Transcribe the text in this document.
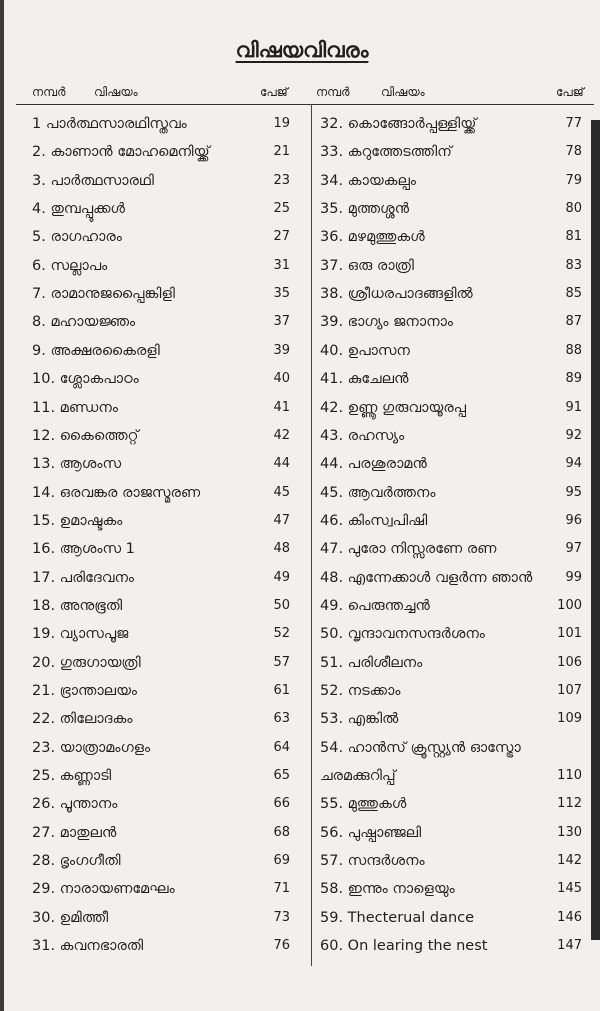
വിഷയവിവരം
നമ്പർ വിഷയം	പേജ് നമ്പർ	വിഷയം	പേജ്
1 പാർത്ഥസാരഥിസ്തവം	19
2. കാണാൻ മോഹമെനിയ്ക്ക്	21
3. പാർത്ഥസാരഥി	23
4. തുമ്പപ്പൂക്കൾ	25
5. രാഗഹാരം	27
6. സല്ലാപം	31
7. രാമാനുജപ്പൈങ്കിളി	35
8. മഹായജ്ഞം	37
9. അക്ഷരകൈരളി	39
10. ശ്ലോകപാഠം	40
11. മണ്ഡനം	41
12. കൈത്തെറ്റ്	42
13. ആശംസ	44
14. ഒരവങ്കര രാജസ്മരണ	45
15. ഉമാഷ്ടകം	47
16. ആശംസ 1	48
17. പരിദേവനം	49
18. അനുഭൂതി	50
19. വ്യാസപൂജ	52
20. ഗുരുഗായത്രി	57
21. ഭ്രാന്താലയം	61
22. തിലോദകം	63
23. യാത്രാമംഗളം	64
25. കണ്ണാടി	65
26. പൂന്താനം	66
27. മാതുലൻ	68
28. ഭൃംഗഗീതി	69
29. നാരായണമേഘം	71
30. ഉമിത്തീ	73
31. കവനഭാരതി	76
32. കൊങ്ങോർപ്പള്ളിയ്ക്ക്	77
33. കറുത്തേടത്തിന്	78
34. കായകല്പം	79
35. മുത്തശ്ശൻ	80
36. മഴമുത്തുകൾ	81
37. ഒരു രാത്രി	83
38. ശ്രീധരപാദങ്ങളിൽ	85
39. ഭാഗ്യം ജനാനാം	87
40. ഉപാസന	88
41. കുചേലൻ	89
42. ഉണ്ണൂ ഗുരുവായൂരപ്പ	91
43. രഹസ്യം	92
44. പരശുരാമൻ	94
45. ആവർത്തനം	95
46. കിംസ്വപിഷി	96
47. പുരോ നിസ്സരണേ രണ	97
48. എന്നേക്കാൾ വളർന്ന ഞാൻ	99
49. പെരുന്തച്ചൻ	100
50. വൃന്ദാവനസന്ദർശനം	101
51. പരിശീലനം	106
52. നടക്കാം	107
53. എങ്കിൽ	109
54. ഹാൻസ് ക്രൂസ്റ്റ്യൻ ഓസ്ട്രോ
ചരമക്കുറിപ്പ്	110
55. മുത്തുകൾ	112
56. പുഷ്പാഞ്ജലി	130
57. സന്ദർശനം	142
58. ഇന്നും നാളെയും	145
59. Thecterual dance	146
60. On learing the nest	147
